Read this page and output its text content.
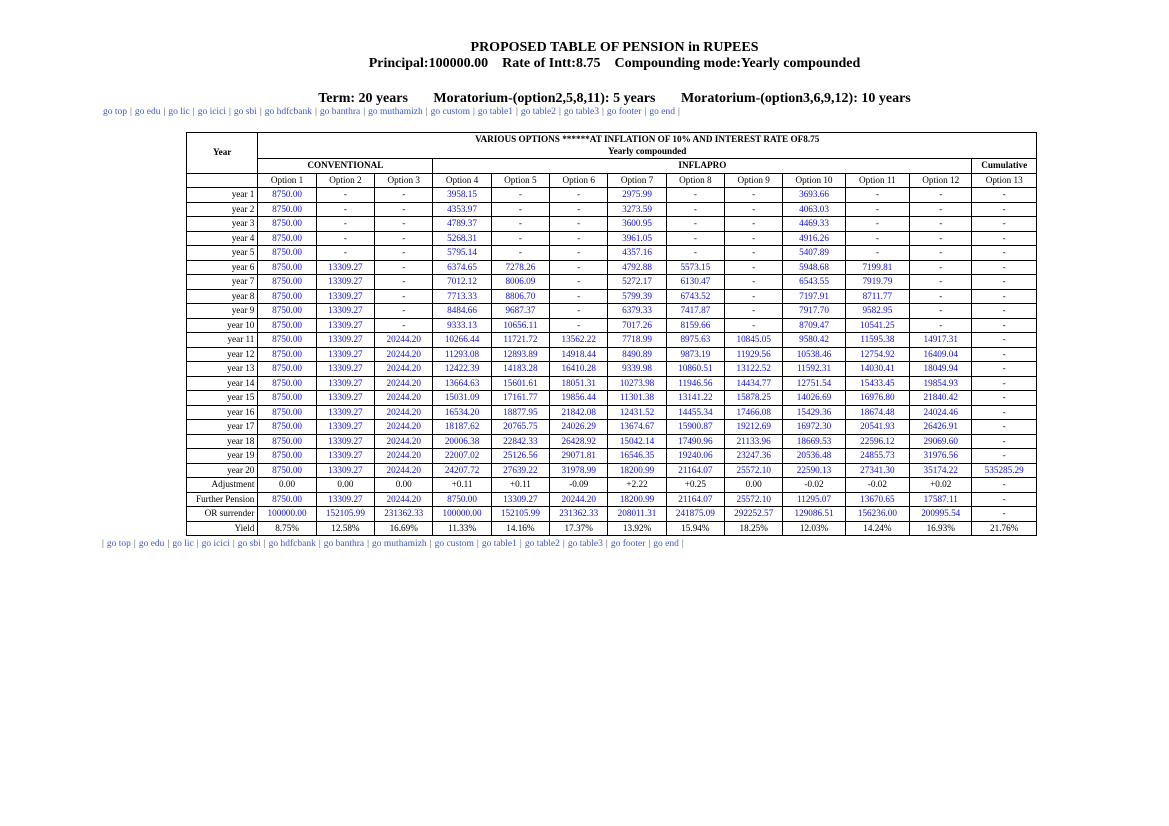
PROPOSED TABLE OF PENSION in RUPEES
Principal:100000.00 Rate of Intt:8.75 Compounding mode:Yearly compounded
Term: 20 years Moratorium-(option2,5,8,11): 5 years Moratorium-(option3,6,9,12): 10 years
go top | go edu | go lic | go icici | go sbi | go hdfcbank | go banthra | go muthamizh | go custom | go table1 | go table2 | go table3 | go footer | go end |
Year	VARIOUS OPTIONS ******AT INFLATION OF 10% AND INTEREST RATE OF8.75
Yearly compounded												

	CONVENTIONAL			INFLAPRO									Cumulative
	Option 1	Option 2	Option 3	Option 4	Option 5	Option 6	Option 7	Option 8	Option 9	Option 10	Option 11	Option 12	Option 13
year 1	8750.00	-	-	3958.15	-	-	2975.99	-	-	3693.66	-	-	-
year 2	8750.00	-	-	4353.97	-	-	3273.59	-	-	4063.03	-	-	-
year 3	8750.00	-	-	4789.37	-	-	3600.95	-	-	4469.33	-	-	-
year 4	8750.00	-	-	5268.31	-	-	3961.05	-	-	4916.26	-	-	-
year 5	8750.00	-	-	5795.14	-	-	4357.16	-	-	5407.89	-	-	-
year 6	8750.00	13309.27	-	6374.65	7278.26	-	4792.88	5573.15	-	5948.68	7199.81	-	-
year 7	8750.00	13309.27	-	7012.12	8006.09	-	5272.17	6130.47	-	6543.55	7919.79	-	-
year 8	8750.00	13309.27	-	7713.33	8806.70	-	5799.39	6743.52	-	7197.91	8711.77	-	-
year 9	8750.00	13309.27	-	8484.66	9687.37	-	6379.33	7417.87	-	7917.70	9582.95	-	-
year 10	8750.00	13309.27	-	9333.13	10656.11	-	7017.26	8159.66	-	8709.47	10541.25	-	-
year 11	8750.00	13309.27	20244.20	10266.44	11721.72	13562.22	7718.99	8975.63	10845.05	9580.42	11595.38	14917.31	-
year 12	8750.00	13309.27	20244.20	11293.08	12893.89	14918.44	8490.89	9873.19	11929.56	10538.46	12754.92	16409.04	-
year 13	8750.00	13309.27	20244.20	12422.39	14183.28	16410.28	9339.98	10860.51	13122.52	11592.31	14030.41	18049.94	-
year 14	8750.00	13309.27	20244.20	13664.63	15601.61	18051.31	10273.98	11946.56	14434.77	12751.54	15433.45	19854.93	-
year 15	8750.00	13309.27	20244.20	15031.09	17161.77	19856.44	11301.38	13141.22	15878.25	14026.69	16976.80	21840.42	-
year 16	8750.00	13309.27	20244.20	16534.20	18877.95	21842.08	12431.52	14455.34	17466.08	15429.36	18674.48	24024.46	-
year 17	8750.00	13309.27	20244.20	18187.62	20765.75	24026.29	13674.67	15900.87	19212.69	16972.30	20541.93	26426.91	-
year 18	8750.00	13309.27	20244.20	20006.38	22842.33	26428.92	15042.14	17490.96	21133.96	18669.53	22596.12	29069.60	-
year 19	8750.00	13309.27	20244.20	22007.02	25126.56	29071.81	16546.35	19240.06	23247.36	20536.48	24855.73	31976.56	-
year 20	8750.00	13309.27	20244.20	24207.72	27639.22	31978.99	18200.99	21164.07	25572.10	22590.13	27341.30	35174.22	535285.29
Adjustment	0.00	0.00	0.00	+0.11	+0.11	-0.09	+2.22	+0.25	0.00	-0.02	-0.02	+0.02	-
Further Pension	8750.00	13309.27	20244.20	8750.00	13309.27	20244.20	18200.99	21164.07	25572.10	11295.07	13670.65	17587.11	-
OR surrender	100000.00	152105.99	231362.33	100000.00	152105.99	231362.33	208011.31	241875.09	292252.57	129086.51	156236.00	200995.54	-
Yield	8.75%	12.58%	16.69%	11.33%	14.16%	17.37%	13.92%	15.94%	18.25%	12.03%	14.24%	16.93%	21.76%
| go top | go edu | go lic | go icici | go sbi | go hdfcbank | go banthra | go muthamizh | go custom | go table1 | go table2 | go table3 | go footer | go end |
